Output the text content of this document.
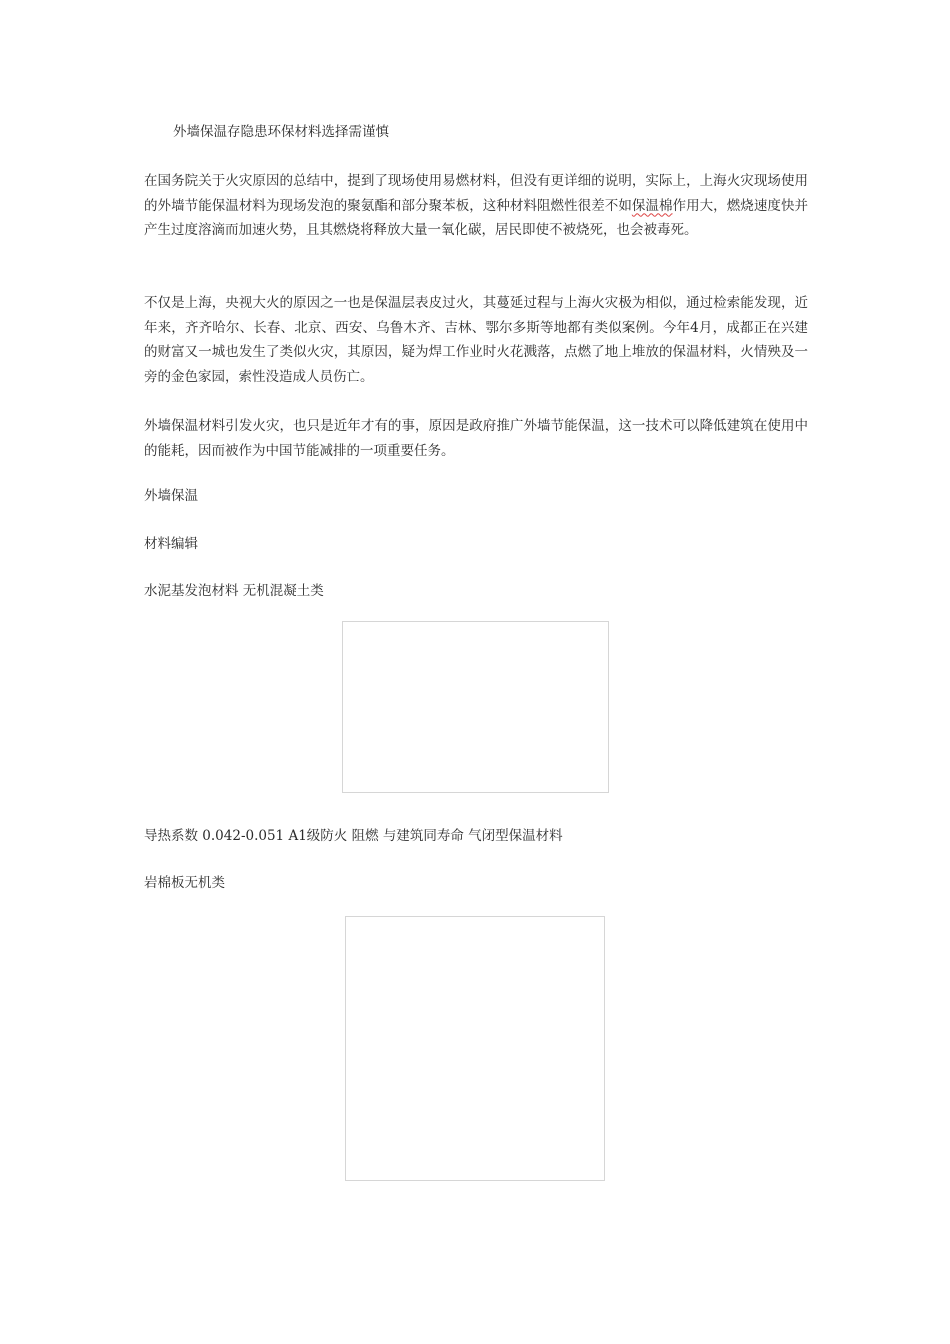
外墙保温存隐患环保材料选择需谨慎

在国务院关于火灾原因的总结中，提到了现场使用易燃材料，但没有更详细的说明，实际上，上海火灾现场使用的外墙节能保温材料为现场发泡的聚氨酯和部分聚苯板，这种材料阻燃性很差不如保温棉作用大，燃烧速度快并产生过度溶滴而加速火势，且其燃烧将释放大量一氧化碳，居民即使不被烧死，也会被毒死。

不仅是上海，央视大火的原因之一也是保温层表皮过火，其蔓延过程与上海火灾极为相似，通过检索能发现，近年来，齐齐哈尔、长春、北京、西安、乌鲁木齐、吉林、鄂尔多斯等地都有类似案例。今年4月，成都正在兴建的财富又一城也发生了类似火灾，其原因，疑为焊工作业时火花溅落，点燃了地上堆放的保温材料，火情殃及一旁的金色家园，索性没造成人员伤亡。

外墙保温材料引发火灾，也只是近年才有的事，原因是政府推广外墙节能保温，这一技术可以降低建筑在使用中的能耗，因而被作为中国节能减排的一项重要任务。

外墙保温

材料编辑

水泥基发泡材料 无机混凝土类

导热系数 0.042-0.051 A1级防火 阻燃 与建筑同寿命 气闭型保温材料

岩棉板无机类
